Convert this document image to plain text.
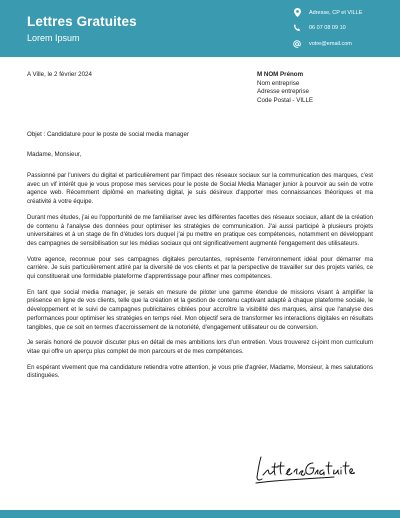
Lettres Gratuites
Lorem Ipsum
Adresse, CP et VILLE
06 07 08 09 10
votre@email.com
A Ville, le 2 février 2024	M NOM Prénom
Nom entreprise
Adresse entreprise
Code Postal - VILLE
Objet : Candidature pour le poste de social media manager
Madame, Monsieur,

Passionné par l'univers du digital et particulièrement par l'impact des réseaux sociaux sur la communication des marques, c'est avec un vif intérêt que je vous propose mes services pour le poste de Social Media Manager junior à pourvoir au sein de votre agence web. Récemment diplômé en marketing digital, je suis désireux d'apporter mes connaissances théoriques et ma créativité à votre équipe.

Durant mes études, j'ai eu l'opportunité de me familiariser avec les différentes facettes des réseaux sociaux, allant de la création de contenu à l'analyse des données pour optimiser les stratégies de communication. J'ai aussi participé à plusieurs projets universitaires et à un stage de fin d'études lors duquel j'ai pu mettre en pratique ces compétences, notamment en développant des campagnes de sensibilisation sur les médias sociaux qui ont significativement augmenté l'engagement des utilisateurs.

Votre agence, reconnue pour ses campagnes digitales percutantes, représente l'environnement idéal pour démarrer ma carrière. Je suis particulièrement attiré par la diversité de vos clients et par la perspective de travailler sur des projets variés, ce qui constituerait une formidable plateforme d'apprentissage pour affiner mes compétences.

En tant que social media manager, je serais en mesure de piloter une gamme étendue de missions visant à amplifier la présence en ligne de vos clients, telle que la création et la gestion de contenu captivant adapté à chaque plateforme sociale, le développement et le suivi de campagnes publicitaires ciblées pour accroître la visibilité des marques, ainsi que l'analyse des performances pour optimiser les stratégies en temps réel. Mon objectif sera de transformer les interactions digitales en résultats tangibles, que ce soit en termes d'accroissement de la notoriété, d'engagement utilisateur ou de conversion.

Je serais honoré de pouvoir discuter plus en détail de mes ambitions lors d'un entretien. Vous trouverez ci-joint mon curriculum vitae qui offre un aperçu plus complet de mon parcours et de mes compétences.

En espérant vivement que ma candidature retiendra votre attention, je vous prie d'agréer, Madame, Monsieur, à mes salutations distinguées.
